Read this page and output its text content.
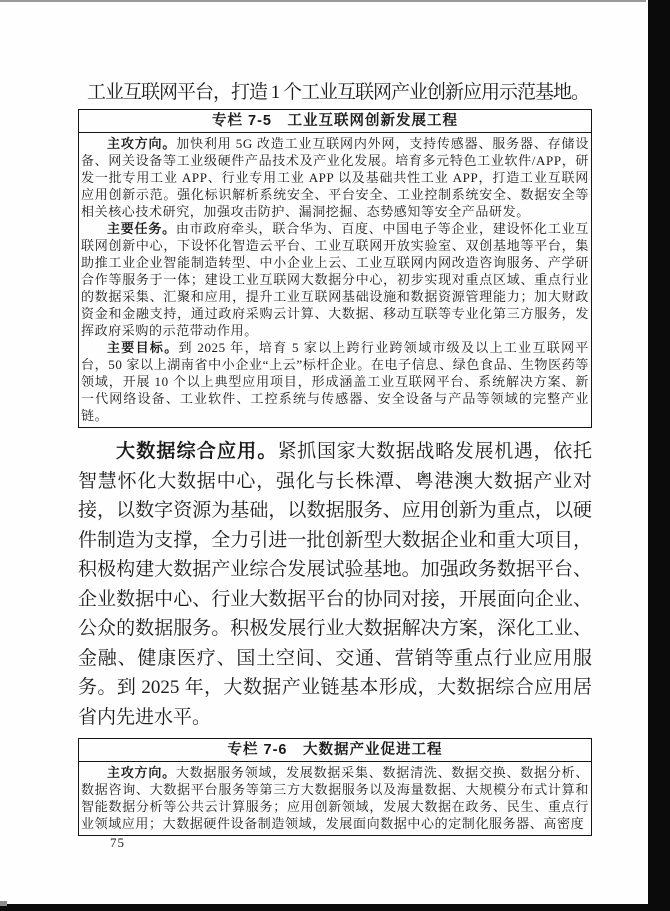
工业互联网平台，打造 1 个工业互联网产业创新应用示范基地。

专栏 7-5　工业互联网创新发展工程

主攻方向。加快利用 5G 改造工业互联网内外网，支持传感器、服务器、存储设备、网关设备等工业级硬件产品技术及产业化发展。培育多元特色工业软件/APP，研发一批专用工业 APP、行业专用工业 APP 以及基础共性工业 APP，打造工业互联网应用创新示范。强化标识解析系统安全、平台安全、工业控制系统安全、数据安全等相关核心技术研究，加强攻击防护、漏洞挖掘、态势感知等安全产品研发。

主要任务。由市政府牵头，联合华为、百度、中国电子等企业，建设怀化工业互联网创新中心，下设怀化智造云平台、工业互联网开放实验室、双创基地等平台，集助推工业企业智能制造转型、中小企业上云、工业互联网内网改造咨询服务、产学研合作等服务于一体；建设工业互联网大数据分中心，初步实现对重点区域、重点行业的数据采集、汇聚和应用，提升工业互联网基础设施和数据资源管理能力；加大财政资金和金融支持，通过政府采购云计算、大数据、移动互联等专业化第三方服务，发挥政府采购的示范带动作用。

主要目标。到 2025 年，培育 5 家以上跨行业跨领域市级及以上工业互联网平台，50 家以上湖南省中小企业“上云”标杆企业。在电子信息、绿色食品、生物医药等领域，开展 10 个以上典型应用项目，形成涵盖工业互联网平台、系统解决方案、新一代网络设备、工业软件、工控系统与传感器、安全设备与产品等领域的完整产业链。

大数据综合应用。紧抓国家大数据战略发展机遇，依托智慧怀化大数据中心，强化与长株潭、粤港澳大数据产业对接，以数字资源为基础，以数据服务、应用创新为重点，以硬件制造为支撑，全力引进一批创新型大数据企业和重大项目，积极构建大数据产业综合发展试验基地。加强政务数据平台、企业数据中心、行业大数据平台的协同对接，开展面向企业、公众的数据服务。积极发展行业大数据解决方案，深化工业、金融、健康医疗、国土空间、交通、营销等重点行业应用服务。到 2025 年，大数据产业链基本形成，大数据综合应用居省内先进水平。

专栏 7-6　大数据产业促进工程

主攻方向。大数据服务领域，发展数据采集、数据清洗、数据交换、数据分析、数据咨询、大数据平台服务等第三方大数据服务以及海量数据、大规模分布式计算和智能数据分析等公共云计算服务；应用创新领域，发展大数据在政务、民生、重点行业领域应用；大数据硬件设备制造领域，发展面向数据中心的定制化服务器、高密度

75
